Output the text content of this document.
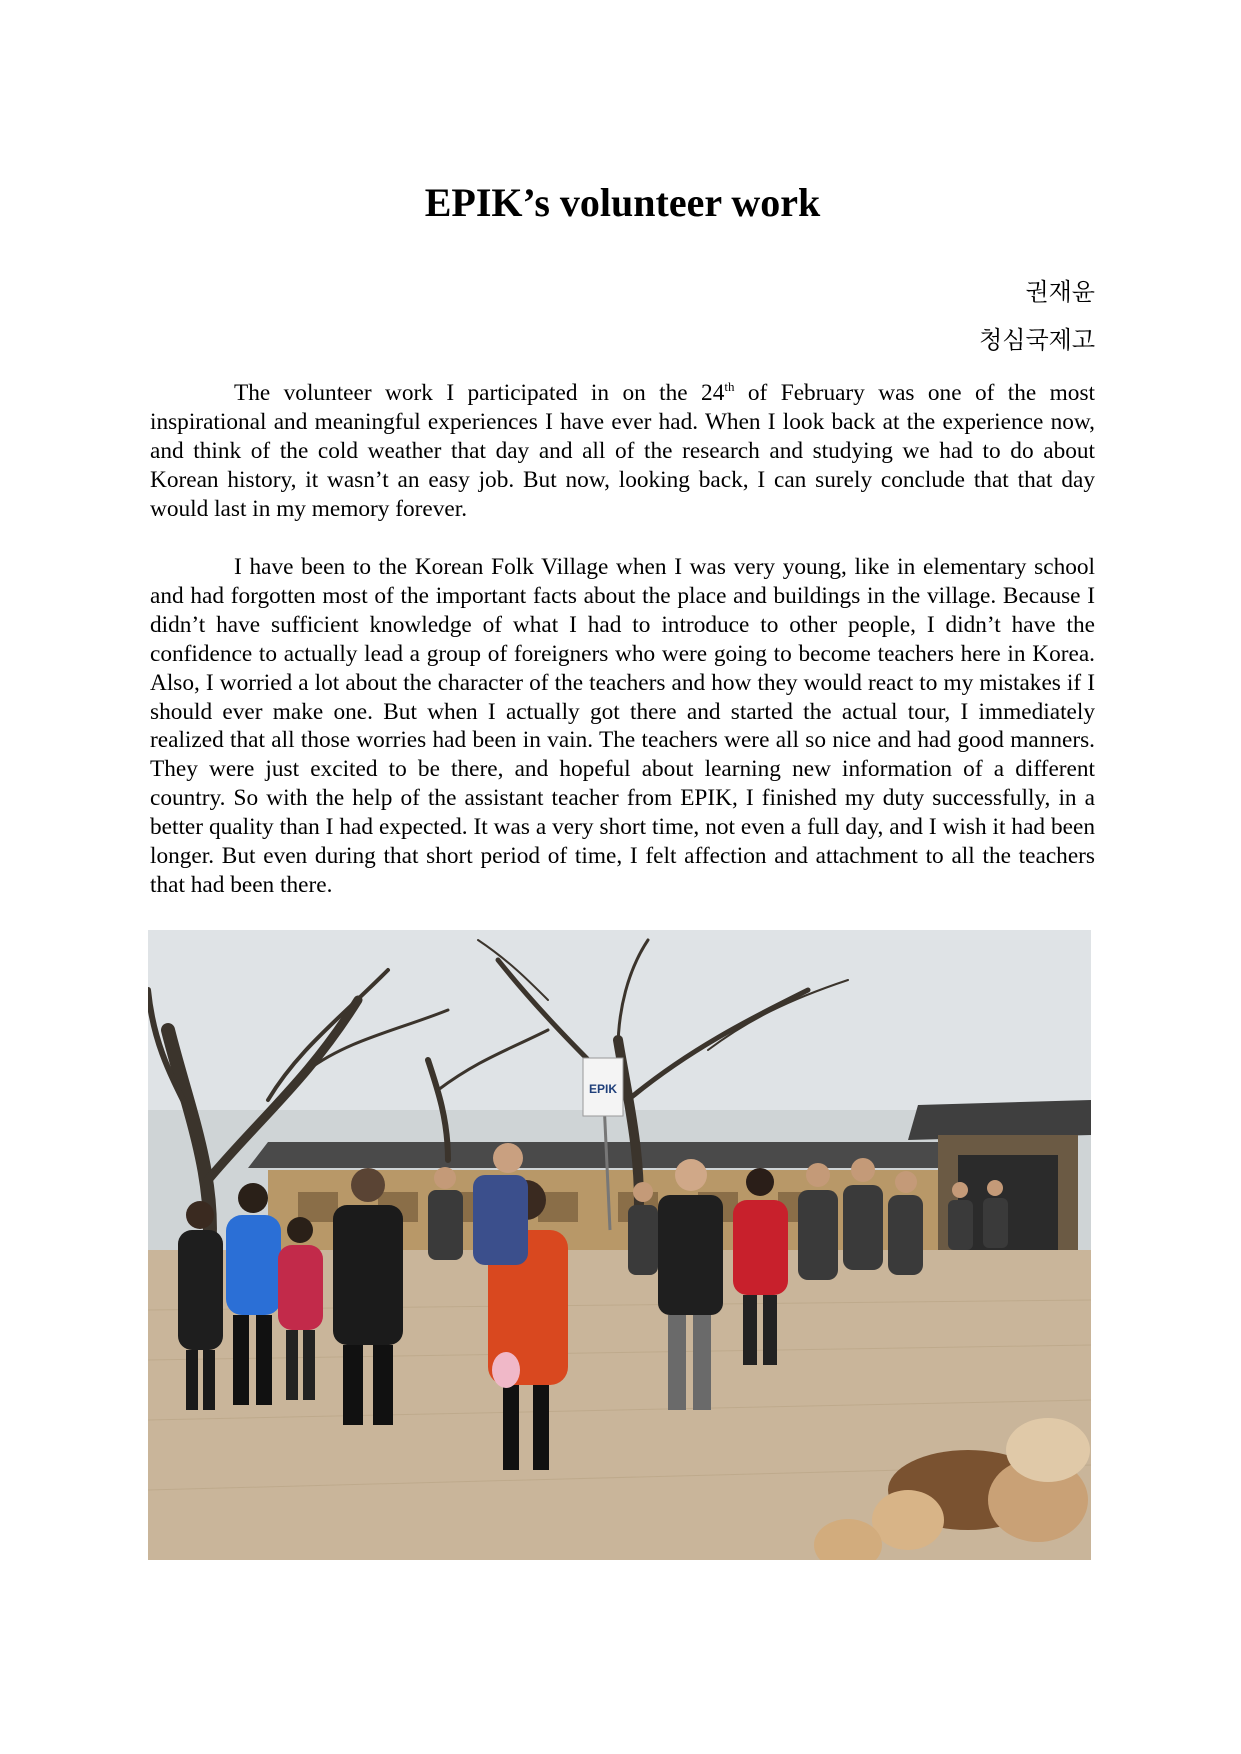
EPIK’s volunteer work
권재윤
청심국제고

The volunteer work I participated in on the 24th of February was one of the most inspirational and meaningful experiences I have ever had. When I look back at the experience now, and think of the cold weather that day and all of the research and studying we had to do about Korean history, it wasn’t an easy job. But now, looking back, I can surely conclude that that day would last in my memory forever.

I have been to the Korean Folk Village when I was very young, like in elementary school and had forgotten most of the important facts about the place and buildings in the village. Because I didn’t have sufficient knowledge of what I had to introduce to other people, I didn’t have the confidence to actually lead a group of foreigners who were going to become teachers here in Korea. Also, I worried a lot about the character of the teachers and how they would react to my mistakes if I should ever make one. But when I actually got there and started the actual tour, I immediately realized that all those worries had been in vain. The teachers were all so nice and had good manners. They were just excited to be there, and hopeful about learning new information of a different country. So with the help of the assistant teacher from EPIK, I finished my duty successfully, in a better quality than I had expected. It was a very short time, not even a full day, and I wish it had been longer. But even during that short period of time, I felt affection and attachment to all the teachers that had been there.

EPIK
